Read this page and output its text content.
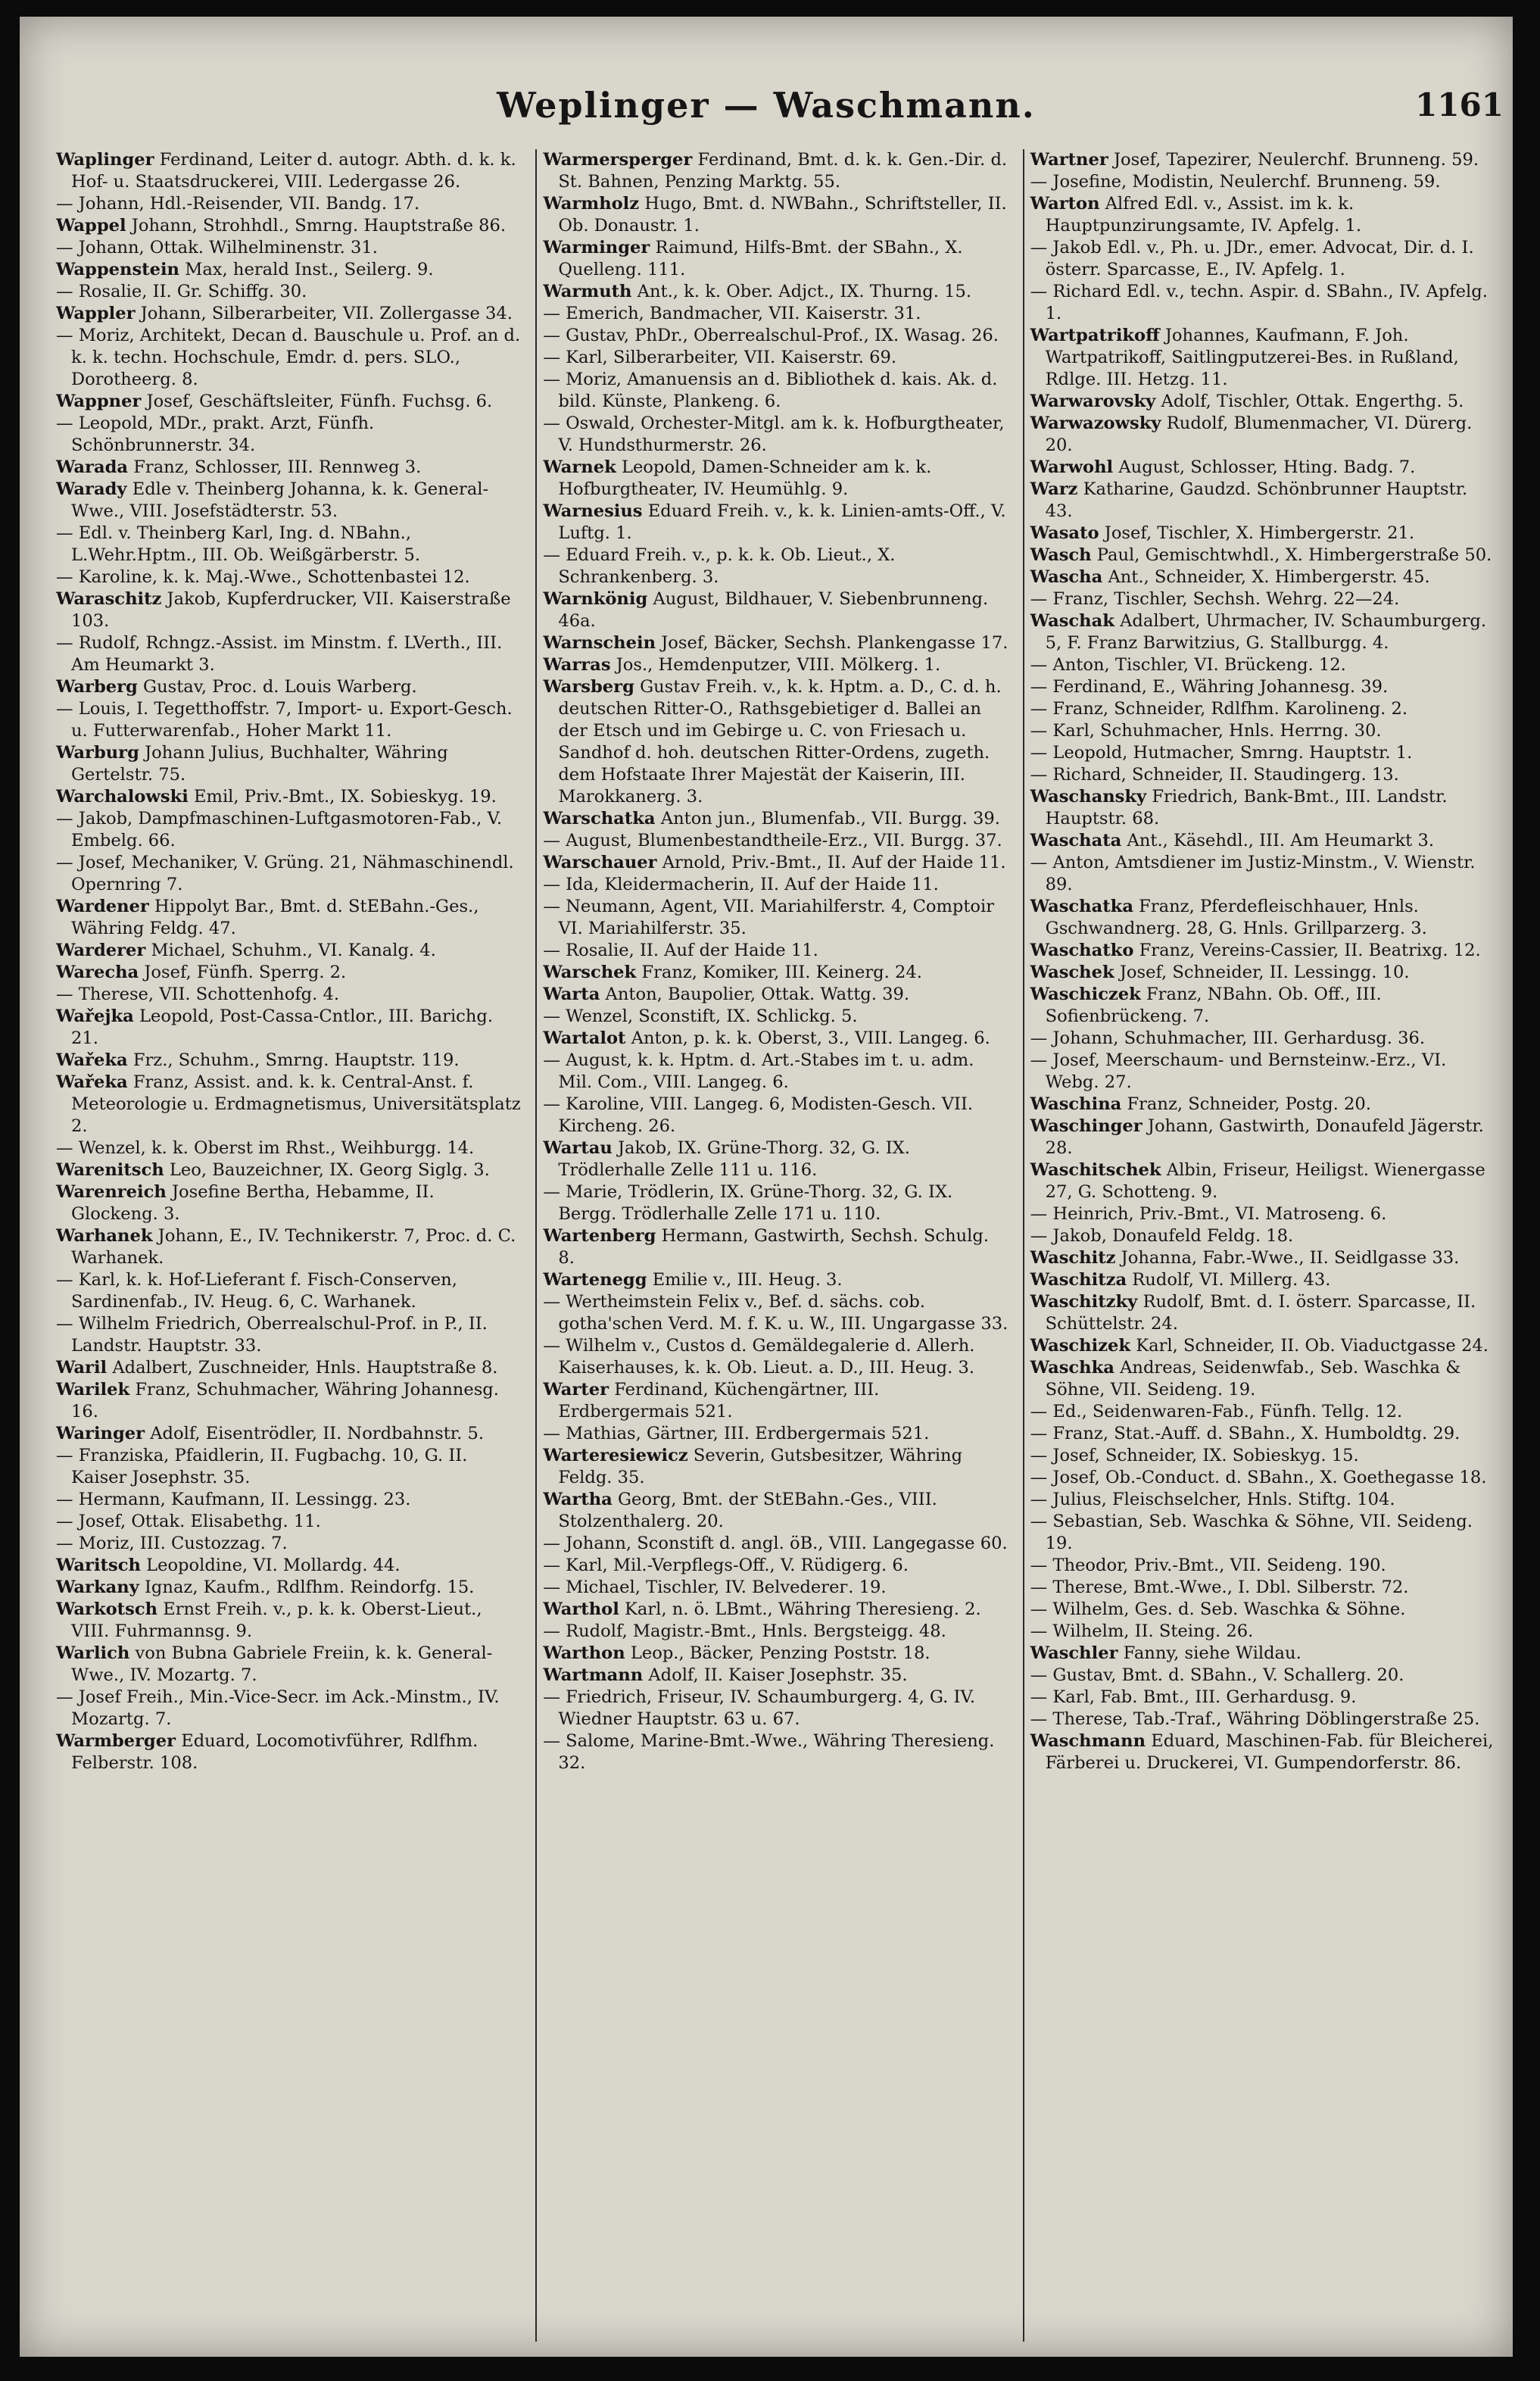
Weplinger — Waschmann.	1161

Waplinger Ferdinand, Leiter d. autogr. Abth. d. k. k. Hof- u. Staatsdruckerei, VIII. Ledergasse 26.

— Johann, Hdl.-Reisender, VII. Bandg. 17.

Wappel Johann, Strohhdl., Smrng. Hauptstraße 86.

— Johann, Ottak. Wilhelminenstr. 31.

Wappenstein Max, herald Inst., Seilerg. 9.

— Rosalie, II. Gr. Schiffg. 30.

Wappler Johann, Silberarbeiter, VII. Zollergasse 34.

— Moriz, Architekt, Decan d. Bauschule u. Prof. an d. k. k. techn. Hochschule, Emdr. d. pers. SLO., Dorotheerg. 8.

Wappner Josef, Geschäftsleiter, Fünfh. Fuchsg. 6.

— Leopold, MDr., prakt. Arzt, Fünfh. Schönbrunnerstr. 34.

Warada Franz, Schlosser, III. Rennweg 3.

Warady Edle v. Theinberg Johanna, k. k. General-Wwe., VIII. Josefstädterstr. 53.

— Edl. v. Theinberg Karl, Ing. d. NBahn., L.Wehr.Hptm., III. Ob. Weißgärberstr. 5.

— Karoline, k. k. Maj.-Wwe., Schottenbastei 12.

Waraschitz Jakob, Kupferdrucker, VII. Kaiserstraße 103.

— Rudolf, Rchngz.-Assist. im Minstm. f. LVerth., III. Am Heumarkt 3.

Warberg Gustav, Proc. d. Louis Warberg.

— Louis, I. Tegetthoffstr. 7, Import- u. Export-Gesch. u. Futterwarenfab., Hoher Markt 11.

Warburg Johann Julius, Buchhalter, Währing Gertelstr. 75.

Warchalowski Emil, Priv.-Bmt., IX. Sobieskyg. 19.

— Jakob, Dampfmaschinen-Luftgasmotoren-Fab., V. Embelg. 66.

— Josef, Mechaniker, V. Grüng. 21, Nähmaschinendl. Opernring 7.

Wardener Hippolyt Bar., Bmt. d. StEBahn.-Ges., Währing Feldg. 47.

Warderer Michael, Schuhm., VI. Kanalg. 4.

Warecha Josef, Fünfh. Sperrg. 2.

— Therese, VII. Schottenhofg. 4.

Wařejka Leopold, Post-Cassa-Cntlor., III. Barichg. 21.

Wařeka Frz., Schuhm., Smrng. Hauptstr. 119.

Wařeka Franz, Assist. and. k. k. Central-Anst. f. Meteorologie u. Erdmagnetismus, Universitätsplatz 2.

— Wenzel, k. k. Oberst im Rhst., Weihburgg. 14.

Warenitsch Leo, Bauzeichner, IX. Georg Siglg. 3.

Warenreich Josefine Bertha, Hebamme, II. Glockeng. 3.

Warhanek Johann, E., IV. Technikerstr. 7, Proc. d. C. Warhanek.

— Karl, k. k. Hof-Lieferant f. Fisch-Conserven, Sardinenfab., IV. Heug. 6, C. Warhanek.

— Wilhelm Friedrich, Oberrealschul-Prof. in P., II. Landstr. Hauptstr. 33.

Waril Adalbert, Zuschneider, Hnls. Hauptstraße 8.

Warilek Franz, Schuhmacher, Währing Johannesg. 16.

Waringer Adolf, Eisentrödler, II. Nordbahnstr. 5.

— Franziska, Pfaidlerin, II. Fugbachg. 10, G. II. Kaiser Josephstr. 35.

— Hermann, Kaufmann, II. Lessingg. 23.

— Josef, Ottak. Elisabethg. 11.

— Moriz, III. Custozzag. 7.

Waritsch Leopoldine, VI. Mollardg. 44.

Warkany Ignaz, Kaufm., Rdlfhm. Reindorfg. 15.

Warkotsch Ernst Freih. v., p. k. k. Oberst-Lieut., VIII. Fuhrmannsg. 9.

Warlich von Bubna Gabriele Freiin, k. k. General-Wwe., IV. Mozartg. 7.

— Josef Freih., Min.-Vice-Secr. im Ack.-Minstm., IV. Mozartg. 7.

Warmberger Eduard, Locomotivführer, Rdlfhm. Felberstr. 108.

Warmersperger Ferdinand, Bmt. d. k. k. Gen.-Dir. d. St. Bahnen, Penzing Marktg. 55.

Warmholz Hugo, Bmt. d. NWBahn., Schriftsteller, II. Ob. Donaustr. 1.

Warminger Raimund, Hilfs-Bmt. der SBahn., X. Quelleng. 111.

Warmuth Ant., k. k. Ober. Adjct., IX. Thurng. 15.

— Emerich, Bandmacher, VII. Kaiserstr. 31.

— Gustav, PhDr., Oberrealschul-Prof., IX. Wasag. 26.

— Karl, Silberarbeiter, VII. Kaiserstr. 69.

— Moriz, Amanuensis an d. Bibliothek d. kais. Ak. d. bild. Künste, Plankeng. 6.

— Oswald, Orchester-Mitgl. am k. k. Hofburgtheater, V. Hundsthurmerstr. 26.

Warnek Leopold, Damen-Schneider am k. k. Hofburgtheater, IV. Heumühlg. 9.

Warnesius Eduard Freih. v., k. k. Linien-amts-Off., V. Luftg. 1.

— Eduard Freih. v., p. k. k. Ob. Lieut., X. Schrankenberg. 3.

Warnkönig August, Bildhauer, V. Siebenbrunneng. 46a.

Warnschein Josef, Bäcker, Sechsh. Plankengasse 17.

Warras Jos., Hemdenputzer, VIII. Mölkerg. 1.

Warsberg Gustav Freih. v., k. k. Hptm. a. D., C. d. h. deutschen Ritter-O., Rathsgebietiger d. Ballei an der Etsch und im Gebirge u. C. von Friesach u. Sandhof d. hoh. deutschen Ritter-Ordens, zugeth. dem Hofstaate Ihrer Majestät der Kaiserin, III. Marokkanerg. 3.

Warschatka Anton jun., Blumenfab., VII. Burgg. 39.

— August, Blumenbestandtheile-Erz., VII. Burgg. 37.

Warschauer Arnold, Priv.-Bmt., II. Auf der Haide 11.

— Ida, Kleidermacherin, II. Auf der Haide 11.

— Neumann, Agent, VII. Mariahilferstr. 4, Comptoir VI. Mariahilferstr. 35.

— Rosalie, II. Auf der Haide 11.

Warschek Franz, Komiker, III. Keinerg. 24.

Warta Anton, Baupolier, Ottak. Wattg. 39.

— Wenzel, Sconstift, IX. Schlickg. 5.

Wartalot Anton, p. k. k. Oberst, 3., VIII. Langeg. 6.

— August, k. k. Hptm. d. Art.-Stabes im t. u. adm. Mil. Com., VIII. Langeg. 6.

— Karoline, VIII. Langeg. 6, Modisten-Gesch. VII. Kircheng. 26.

Wartau Jakob, IX. Grüne-Thorg. 32, G. IX. Trödlerhalle Zelle 111 u. 116.

— Marie, Trödlerin, IX. Grüne-Thorg. 32, G. IX. Bergg. Trödlerhalle Zelle 171 u. 110.

Wartenberg Hermann, Gastwirth, Sechsh. Schulg. 8.

Wartenegg Emilie v., III. Heug. 3.

— Wertheimstein Felix v., Bef. d. sächs. cob. gotha'schen Verd. M. f. K. u. W., III. Ungargasse 33.

— Wilhelm v., Custos d. Gemäldegalerie d. Allerh. Kaiserhauses, k. k. Ob. Lieut. a. D., III. Heug. 3.

Warter Ferdinand, Küchengärtner, III. Erdbergermais 521.

— Mathias, Gärtner, III. Erdbergermais 521.

Warteresiewicz Severin, Gutsbesitzer, Währing Feldg. 35.

Wartha Georg, Bmt. der StEBahn.-Ges., VIII. Stolzenthalerg. 20.

— Johann, Sconstift d. angl. öB., VIII. Langegasse 60.

— Karl, Mil.-Verpflegs-Off., V. Rüdigerg. 6.

— Michael, Tischler, IV. Belvederег. 19.

Warthol Karl, n. ö. LBmt., Währing Theresieng. 2.

— Rudolf, Magistr.-Bmt., Hnls. Bergsteigg. 48.

Warthon Leop., Bäcker, Penzing Poststr. 18.

Wartmann Adolf, II. Kaiser Josephstr. 35.

— Friedrich, Friseur, IV. Schaumburgerg. 4, G. IV. Wiedner Hauptstr. 63 u. 67.

— Salome, Marine-Bmt.-Wwe., Währing Theresieng. 32.

Wartner Josef, Tapezirer, Neulerchf. Brunneng. 59.

— Josefine, Modistin, Neulerchf. Brunneng. 59.

Warton Alfred Edl. v., Assist. im k. k. Hauptpunzirungsamte, IV. Apfelg. 1.

— Jakob Edl. v., Ph. u. JDr., emer. Advocat, Dir. d. I. österr. Sparcasse, E., IV. Apfelg. 1.

— Richard Edl. v., techn. Aspir. d. SBahn., IV. Apfelg. 1.

Wartpatrikoff Johannes, Kaufmann, F. Joh. Wartpatrikoff, Saitlingputzerei-Bes. in Rußland, Rdlge. III. Hetzg. 11.

Warwarovsky Adolf, Tischler, Ottak. Engerthg. 5.

Warwazowsky Rudolf, Blumenmacher, VI. Dürerg. 20.

Warwohl August, Schlosser, Hting. Badg. 7.

Warz Katharine, Gaudzd. Schönbrunner Hauptstr. 43.

Wasato Josef, Tischler, X. Himbergerstr. 21.

Wasch Paul, Gemischtwhdl., X. Himbergerstraße 50.

Wascha Ant., Schneider, X. Himbergerstr. 45.

— Franz, Tischler, Sechsh. Wehrg. 22—24.

Waschak Adalbert, Uhrmacher, IV. Schaumburgerg. 5, F. Franz Barwitzius, G. Stallburgg. 4.

— Anton, Tischler, VI. Brückeng. 12.

— Ferdinand, E., Währing Johannesg. 39.

— Franz, Schneider, Rdlfhm. Karolineng. 2.

— Karl, Schuhmacher, Hnls. Herrng. 30.

— Leopold, Hutmacher, Smrng. Hauptstr. 1.

— Richard, Schneider, II. Staudingerg. 13.

Waschansky Friedrich, Bank-Bmt., III. Landstr. Hauptstr. 68.

Waschata Ant., Käsehdl., III. Am Heumarkt 3.

— Anton, Amtsdiener im Justiz-Minstm., V. Wienstr. 89.

Waschatka Franz, Pferdefleischhauer, Hnls. Gschwandnerg. 28, G. Hnls. Grillparzerg. 3.

Waschatko Franz, Vereins-Cassier, II. Beatrixg. 12.

Waschek Josef, Schneider, II. Lessingg. 10.

Waschiczek Franz, NBahn. Ob. Off., III. Sofienbrückeng. 7.

— Johann, Schuhmacher, III. Gerhardusg. 36.

— Josef, Meerschaum- und Bernsteinw.-Erz., VI. Webg. 27.

Waschina Franz, Schneider, Postg. 20.

Waschinger Johann, Gastwirth, Donaufeld Jägerstr. 28.

Waschitschek Albin, Friseur, Heiligst. Wienergasse 27, G. Schotteng. 9.

— Heinrich, Priv.-Bmt., VI. Matrosеng. 6.

— Jakob, Donaufeld Feldg. 18.

Waschitz Johanna, Fabr.-Wwe., II. Seidlgasse 33.

Waschitza Rudolf, VI. Millerg. 43.

Waschitzky Rudolf, Bmt. d. I. österr. Sparcasse, II. Schüttelstr. 24.

Waschizek Karl, Schneider, II. Ob. Viaductgasse 24.

Waschka Andreas, Seidenwfab., Seb. Waschka & Söhne, VII. Seideng. 19.

— Ed., Seidenwaren-Fab., Fünfh. Tellg. 12.

— Franz, Stat.-Auff. d. SBahn., X. Humboldtg. 29.

— Josef, Schneider, IX. Sobieskyg. 15.

— Josef, Ob.-Conduct. d. SBahn., X. Goethegasse 18.

— Julius, Fleischselcher, Hnls. Stiftg. 104.

— Sebastian, Seb. Waschka & Söhne, VII. Seideng. 19.

— Theodor, Priv.-Bmt., VII. Seideng. 190.

— Therese, Bmt.-Wwe., I. Dbl. Silberstr. 72.

— Wilhelm, Ges. d. Seb. Waschka & Söhne.

— Wilhelm, II. Steing. 26.

Waschler Fanny, siehe Wildau.

— Gustav, Bmt. d. SBahn., V. Schallerg. 20.

— Karl, Fab. Bmt., III. Gerhardusg. 9.

— Therese, Tab.-Traf., Währing Döblingerstraße 25.

Waschmann Eduard, Maschinen-Fab. für Bleicherei, Färberei u. Druckerei, VI. Gumpendorferstr. 86.
